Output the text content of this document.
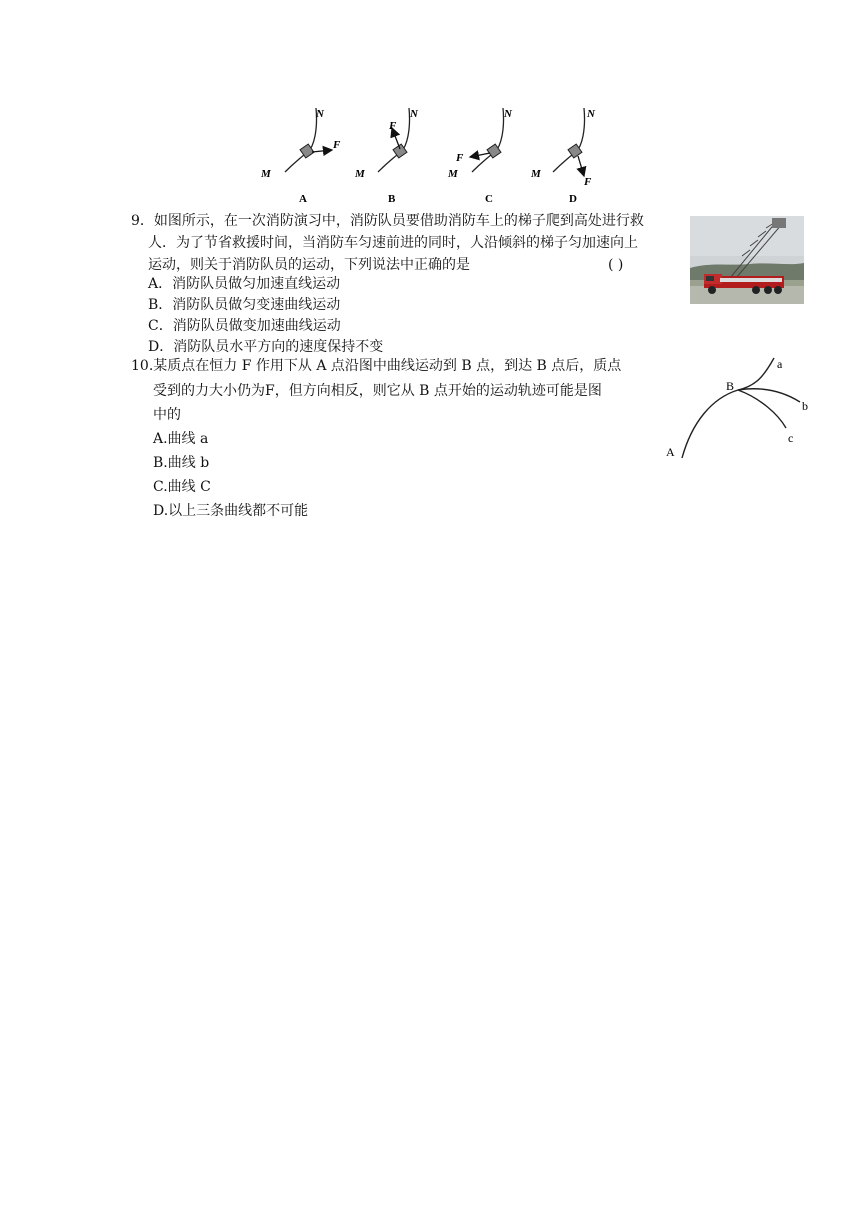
N
F
M
A
N
F
M
B
N
F
M
C
N
F
M
D
9．如图所示，在一次消防演习中，消防队员要借助消防车上的梯子爬到高处进行救
人．为了节省救援时间，当消防车匀速前进的同时，人沿倾斜的梯子匀加速向上
运动，则关于消防队员的运动，下列说法中正确的是	( )
A．消防队员做匀加速直线运动
B．消防队员做匀变速曲线运动
C．消防队员做变加速曲线运动
D．消防队员水平方向的速度保持不变
10.某质点在恒力 F 作用下从 A 点沿图中曲线运动到 B 点，到达 B 点后，质点
受到的力大小仍为F，但方向相反，则它从 B 点开始的运动轨迹可能是图
中的
A.曲线 a
B.曲线 b
C.曲线 C
D.以上三条曲线都不可能
A
B
a
b
c
